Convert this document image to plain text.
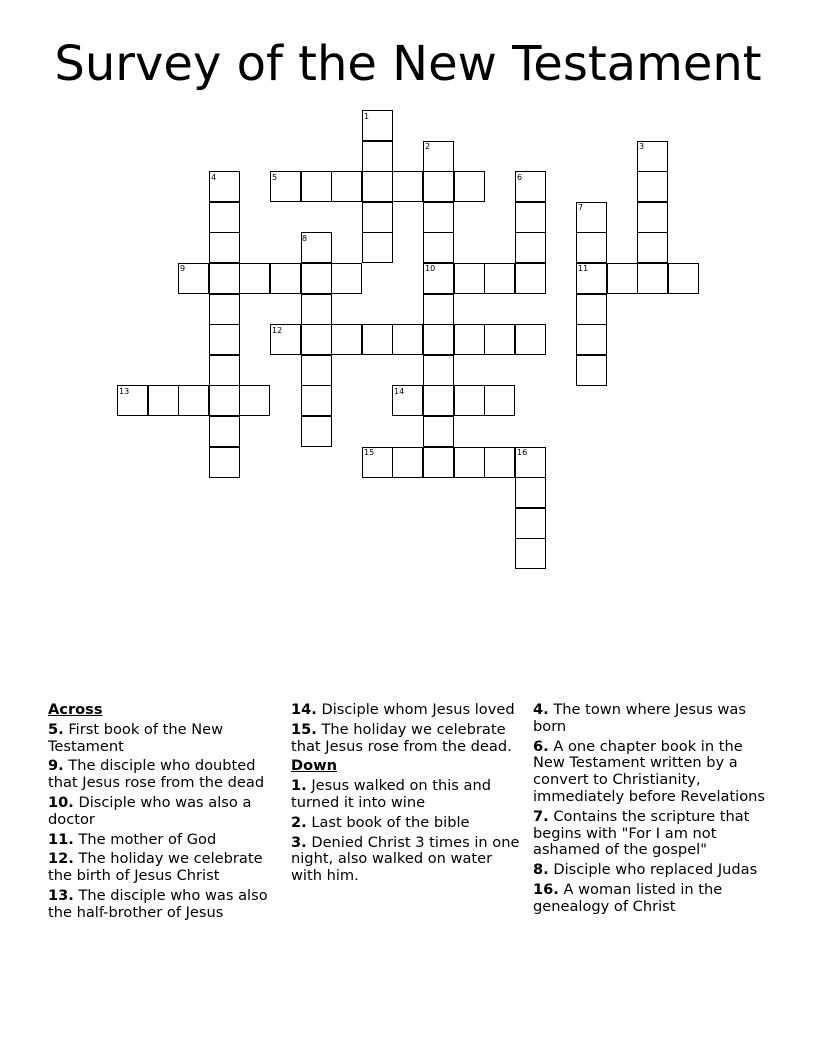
Survey of the New Testament
1
2	3
4	5	6
7
8
9	10	11
12
13	14
15	16
Across
5. First book of the New Testament
9. The disciple who doubted that Jesus rose from the dead
10. Disciple who was also a doctor
11. The mother of God
12. The holiday we celebrate the birth of Jesus Christ
13. The disciple who was also the half-brother of Jesus
14. Disciple whom Jesus loved
15. The holiday we celebrate that Jesus rose from the dead.
Down
1. Jesus walked on this and turned it into wine
2. Last book of the bible
3. Denied Christ 3 times in one night, also walked on water with him.
4. The town where Jesus was born
6. A one chapter book in the New Testament written by a convert to Christianity, immediately before Revelations
7. Contains the scripture that begins with "For I am not ashamed of the gospel"
8. Disciple who replaced Judas
16. A woman listed in the genealogy of Christ
